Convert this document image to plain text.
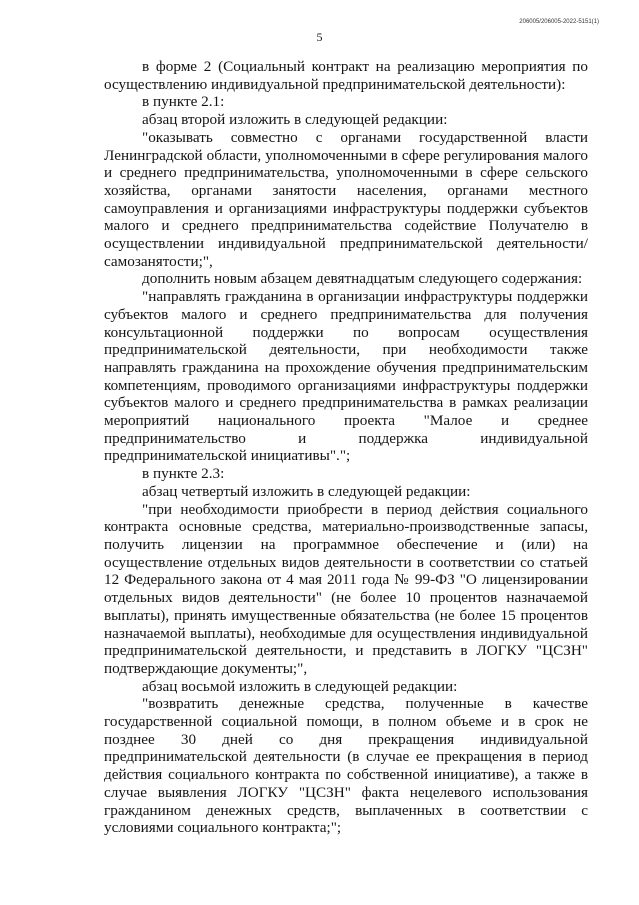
206005/206005-2022-5151(1)
5

в форме 2 (Социальный контракт на реализацию мероприятия по осуществлению индивидуальной предпринимательской деятельности):

в пункте 2.1:

абзац второй изложить в следующей редакции:

"оказывать совместно с органами государственной власти Ленинградской области, уполномоченными в сфере регулирования малого и среднего предпринимательства, уполномоченными в сфере сельского хозяйства, органами занятости населения, органами местного самоуправления и организациями инфраструктуры поддержки субъектов малого и среднего предпринимательства содействие Получателю в осуществлении индивидуальной предпринимательской деятельности/ самозанятости;",

дополнить новым абзацем девятнадцатым следующего содержания:

"направлять гражданина в организации инфраструктуры поддержки субъектов малого и среднего предпринимательства для получения консультационной поддержки по вопросам осуществления предпринимательской деятельности, при необходимости также направлять гражданина на прохождение обучения предпринимательским компетенциям, проводимого организациями инфраструктуры поддержки субъектов малого и среднего предпринимательства в рамках реализации мероприятий национального проекта "Малое и среднее предпринимательство и поддержка индивидуальной предпринимательской инициативы".";

в пункте 2.3:

абзац четвертый изложить в следующей редакции:

"при необходимости приобрести в период действия социального контракта основные средства, материально-производственные запасы, получить лицензии на программное обеспечение и (или) на осуществление отдельных видов деятельности в соответствии со статьей 12 Федерального закона от 4 мая 2011 года № 99-ФЗ "О лицензировании отдельных видов деятельности" (не более 10 процентов назначаемой выплаты), принять имущественные обязательства (не более 15 процентов назначаемой выплаты), необходимые для осуществления индивидуальной предпринимательской деятельности, и представить в ЛОГКУ "ЦСЗН" подтверждающие документы;",

абзац восьмой изложить в следующей редакции:

"возвратить денежные средства, полученные в качестве государственной социальной помощи, в полном объеме и в срок не позднее 30 дней со дня прекращения индивидуальной предпринимательской деятельности (в случае ее прекращения в период действия социального контракта по собственной инициативе), а также в случае выявления ЛОГКУ "ЦСЗН" факта нецелевого использования гражданином денежных средств, выплаченных в соответствии с условиями социального контракта;";
